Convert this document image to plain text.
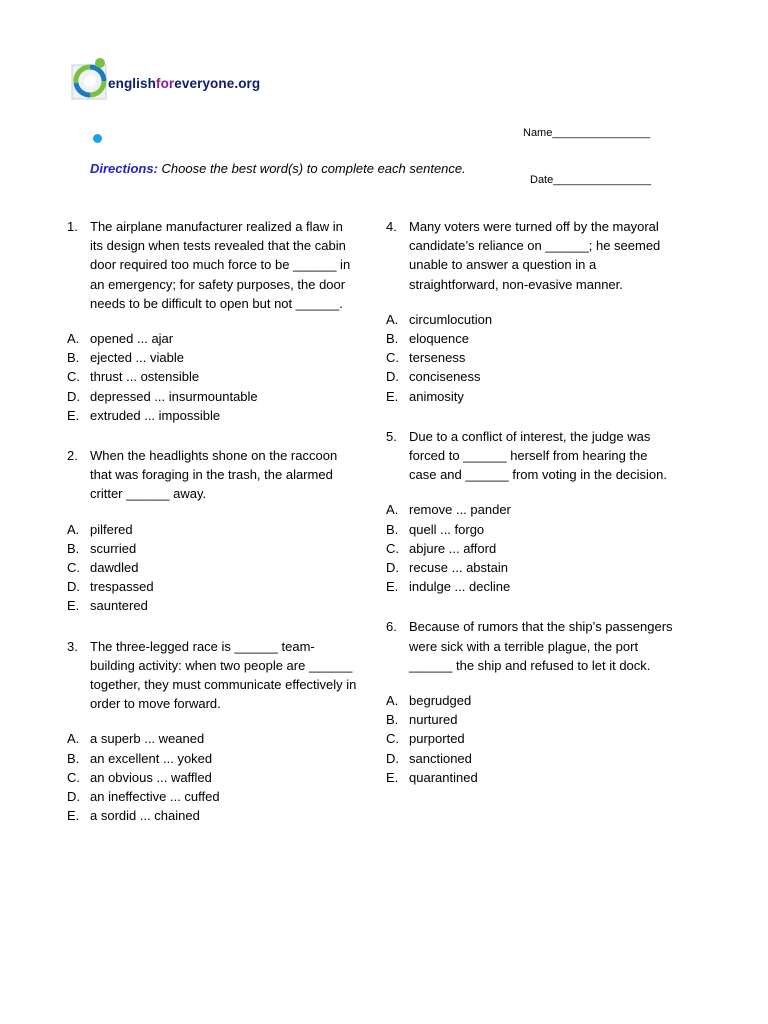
englishforeveryone.org

Name________________

Date________________

Directions: Choose the best word(s) to complete each sentence.
1. The airplane manufacturer realized a flaw in its design when tests revealed that the cabin door required too much force to be ______ in an emergency; for safety purposes, the door needs to be difficult to open but not ______.
A. opened ... ajar
B. ejected ... viable
C. thrust ... ostensible
D. depressed ... insurmountable
E. extruded ... impossible
2. When the headlights shone on the raccoon that was foraging in the trash, the alarmed critter ______ away.
A. pilfered
B. scurried
C. dawdled
D. trespassed
E. sauntered
3. The three-legged race is ______ team-building activity: when two people are ______ together, they must communicate effectively in order to move forward.
A. a superb ... weaned
B. an excellent ... yoked
C. an obvious ... waffled
D. an ineffective ... cuffed
E. a sordid ... chained
4. Many voters were turned off by the mayoral candidate’s reliance on ______; he seemed unable to answer a question in a straightforward, non-evasive manner.
A. circumlocution
B. eloquence
C. terseness
D. conciseness
E. animosity
5. Due to a conflict of interest, the judge was forced to ______ herself from hearing the case and ______ from voting in the decision.
A. remove ... pander
B. quell ... forgo
C. abjure ... afford
D. recuse ... abstain
E. indulge ... decline
6. Because of rumors that the ship’s passengers were sick with a terrible plague, the port ______ the ship and refused to let it dock.
A. begrudged
B. nurtured
C. purported
D. sanctioned
E. quarantined
